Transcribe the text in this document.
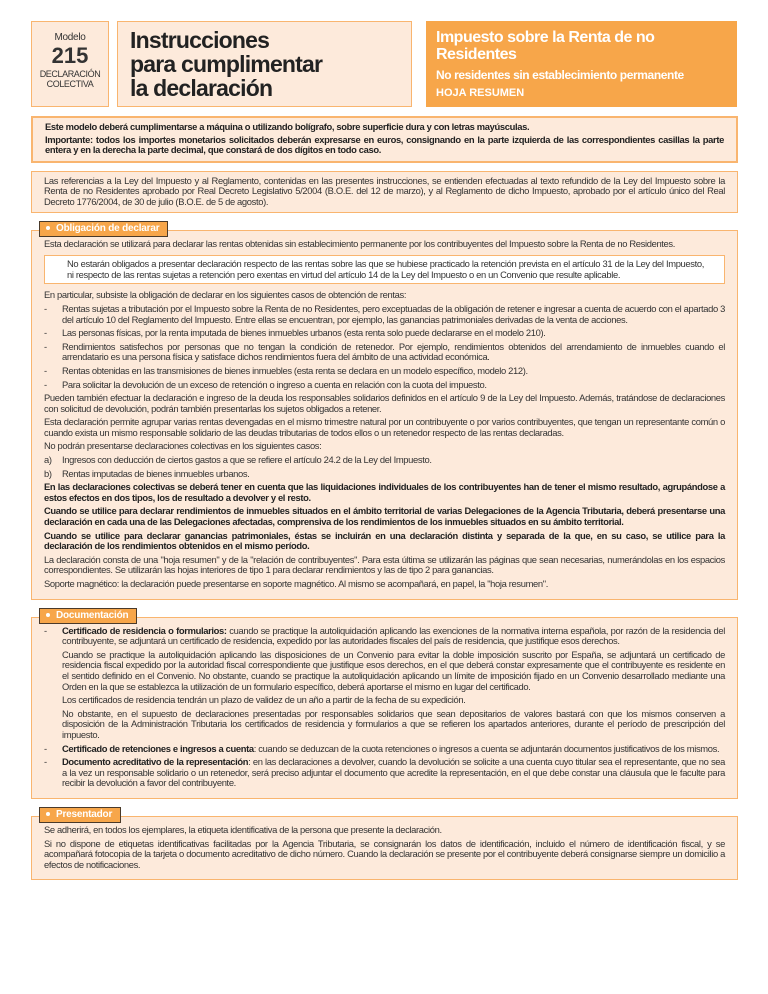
Modelo
215
DECLARACIÓN
COLECTIVA
Instrucciones
para cumplimentar
la declaración
Impuesto sobre la Renta de no Residentes
No residentes sin establecimiento permanente
HOJA RESUMEN

Este modelo deberá cumplimentarse a máquina o utilizando bolígrafo, sobre superficie dura y con letras mayúsculas.

Importante: todos los importes monetarios solicitados deberán expresarse en euros, consignando en la parte izquierda de las correspondientes casillas la parte entera y en la derecha la parte decimal, que constará de dos dígitos en todo caso.

Las referencias a la Ley del Impuesto y al Reglamento, contenidas en las presentes instrucciones, se entienden efectuadas al texto refundido de la Ley del Impuesto sobre la Renta de no Residentes aprobado por Real Decreto Legislativo 5/2004 (B.O.E. del 12 de marzo), y al Reglamento de dicho Impuesto, aprobado por el artículo único del Real Decreto 1776/2004, de 30 de julio (B.O.E. de 5 de agosto).

Obligación de declarar

Esta declaración se utilizará para declarar las rentas obtenidas sin establecimiento permanente por los contribuyentes del Impuesto sobre la Renta de no Residentes.

No estarán obligados a presentar declaración respecto de las rentas sobre las que se hubiese practicado la retención prevista en el artículo 31 de la Ley del Impuesto, ni respecto de las rentas sujetas a retención pero exentas en virtud del artículo 14 de la Ley del Impuesto o en un Convenio que resulte aplicable.

En particular, subsiste la obligación de declarar en los siguientes casos de obtención de rentas:

-	Rentas sujetas a tributación por el Impuesto sobre la Renta de no Residentes, pero exceptuadas de la obligación de retener e ingresar a cuenta de acuerdo con el apartado 3 del artículo 10 del Reglamento del Impuesto. Entre ellas se encuentran, por ejemplo, las ganancias patrimoniales derivadas de la venta de acciones.
-	Las personas físicas, por la renta imputada de bienes inmuebles urbanos (esta renta solo puede declararse en el modelo 210).
-	Rendimientos satisfechos por personas que no tengan la condición de retenedor. Por ejemplo, rendimientos obtenidos del arrendamiento de inmuebles cuando el arrendatario es una persona física y satisface dichos rendimientos fuera del ámbito de una actividad económica.
-	Rentas obtenidas en las transmisiones de bienes inmuebles (esta renta se declara en un modelo específico, modelo 212).
-	Para solicitar la devolución de un exceso de retención o ingreso a cuenta en relación con la cuota del impuesto.

Pueden también efectuar la declaración e ingreso de la deuda los responsables solidarios definidos en el artículo 9 de la Ley del Impuesto. Además, tratándose de declaraciones con solicitud de devolución, podrán también presentarlas los sujetos obligados a retener.

Esta declaración permite agrupar varias rentas devengadas en el mismo trimestre natural por un contribuyente o por varios contribuyentes, que tengan un representante común o cuando exista un mismo responsable solidario de las deudas tributarias de todos ellos o un retenedor respecto de las rentas declaradas.

No podrán presentarse declaraciones colectivas en los siguientes casos:

a)	Ingresos con deducción de ciertos gastos a que se refiere el artículo 24.2 de la Ley del Impuesto.
b)	Rentas imputadas de bienes inmuebles urbanos.

En las declaraciones colectivas se deberá tener en cuenta que las liquidaciones individuales de los contribuyentes han de tener el mismo resultado, agrupándose a estos efectos en dos tipos, los de resultado a devolver y el resto.

Cuando se utilice para declarar rendimientos de inmuebles situados en el ámbito territorial de varias Delegaciones de la Agencia Tributaria, deberá presentarse una declaración en cada una de las Delegaciones afectadas, comprensiva de los rendimientos de los inmuebles situados en su ámbito territorial.

Cuando se utilice para declarar ganancias patrimoniales, éstas se incluirán en una declaración distinta y separada de la que, en su caso, se utilice para la declaración de los rendimientos obtenidos en el mismo período.

La declaración consta de una "hoja resumen" y de la "relación de contribuyentes". Para esta última se utilizarán las páginas que sean necesarias, numerándolas en los espacios correspondientes. Se utilizarán las hojas interiores de tipo 1 para declarar rendimientos y las de tipo 2 para ganancias.

Soporte magnético: la declaración puede presentarse en soporte magnético. Al mismo se acompañará, en papel, la "hoja resumen".

Documentación
-	Certificado de residencia o formularios: cuando se practique la autoliquidación aplicando las exenciones de la normativa interna española, por razón de la residencia del contribuyente, se adjuntará un certificado de residencia, expedido por las autoridades fiscales del país de residencia, que justifique esos derechos.

Cuando se practique la autoliquidación aplicando las disposiciones de un Convenio para evitar la doble imposición suscrito por España, se adjuntará un certificado de residencia fiscal expedido por la autoridad fiscal correspondiente que justifique esos derechos, en el que deberá constar expresamente que el contribuyente es residente en el sentido definido en el Convenio. No obstante, cuando se practique la autoliquidación aplicando un límite de imposición fijado en un Convenio desarrollado mediante una Orden en la que se establezca la utilización de un formulario específico, deberá aportarse el mismo en lugar del certificado.

Los certificados de residencia tendrán un plazo de validez de un año a partir de la fecha de su expedición.

No obstante, en el supuesto de declaraciones presentadas por responsables solidarios que sean depositarios de valores bastará con que los mismos conserven a disposición de la Administración Tributaria los certificados de residencia y formularios a que se refieren los apartados anteriores, durante el período de prescripción del impuesto.

-	Certificado de retenciones e ingresos a cuenta: cuando se deduzcan de la cuota retenciones o ingresos a cuenta se adjuntarán documentos justificativos de los mismos.
-	Documento acreditativo de la representación: en las declaraciones a devolver, cuando la devolución se solicite a una cuenta cuyo titular sea el representante, que no sea a la vez un responsable solidario o un retenedor, será preciso adjuntar el documento que acredite la representación, en el que debe constar una cláusula que le faculte para recibir la devolución a favor del contribuyente.
Presentador

Se adherirá, en todos los ejemplares, la etiqueta identificativa de la persona que presente la declaración.

Si no dispone de etiquetas identificativas facilitadas por la Agencia Tributaria, se consignarán los datos de identificación, incluido el número de identificación fiscal, y se acompañará fotocopia de la tarjeta o documento acreditativo de dicho número. Cuando la declaración se presente por el contribuyente deberá consignarse siempre un domicilio a efectos de notificaciones.
